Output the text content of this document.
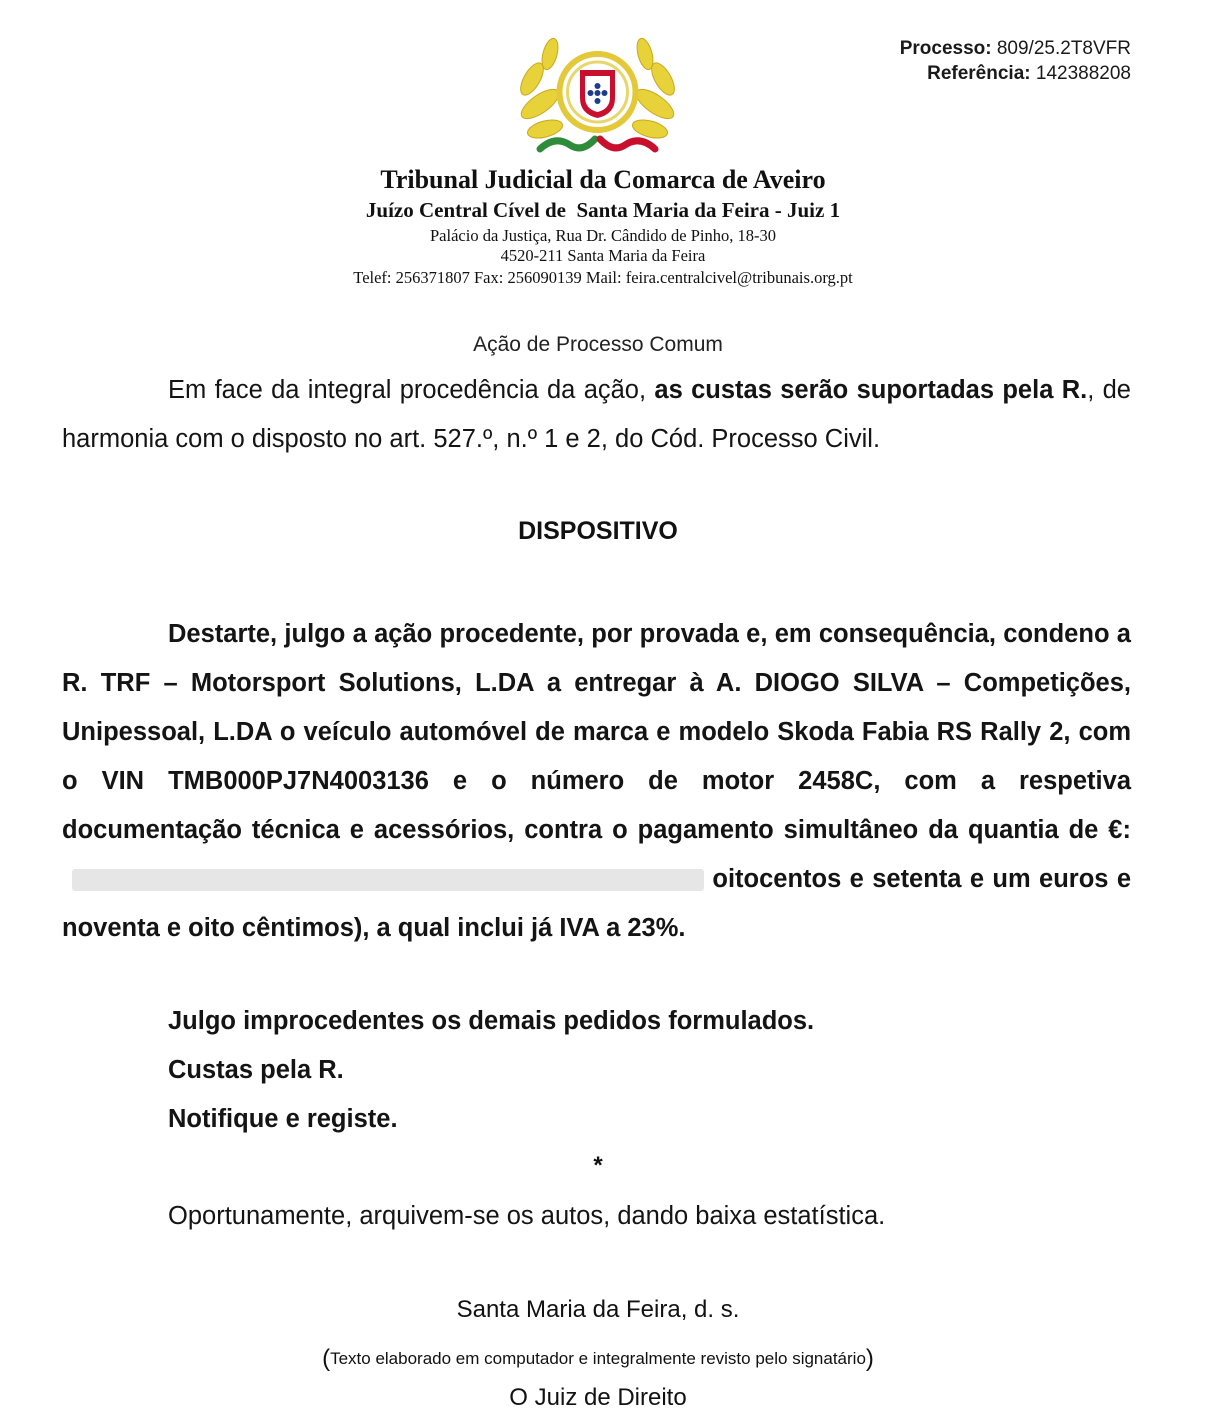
Processo: 809/25.2T8VFR
Referência: 142388208
Tribunal Judicial da Comarca de Aveiro
Juízo Central Cível de  Santa Maria da Feira - Juiz 1
Palácio da Justiça, Rua Dr. Cândido de Pinho, 18-30
4520-211 Santa Maria da Feira
Telef: 256371807 Fax: 256090139 Mail: feira.centralcivel@tribunais.org.pt
Ação de Processo Comum
Em face da integral procedência da ação, as custas serão suportadas pela R., de harmonia com o disposto no art. 527.º, n.º 1 e 2, do Cód. Processo Civil.
DISPOSITIVO
Destarte, julgo a ação procedente, por provada e, em consequência, condeno a R. TRF – Motorsport Solutions, L.DA a entregar à A. DIOGO SILVA – Competições, Unipessoal, L.DA o veículo automóvel de marca e modelo Skoda Fabia RS Rally 2, com o VIN TMB000PJ7N4003136 e o número de motor 2458C, com a respetiva documentação técnica e acessórios, contra o pagamento simultâneo da quantia de €: oitocentos e setenta e um euros e noventa e oito cêntimos), a qual inclui já IVA a 23%.
Julgo improcedentes os demais pedidos formulados.
Custas pela R.
Notifique e registe.
*
Oportunamente, arquivem-se os autos, dando baixa estatística.
Santa Maria da Feira, d. s.
(Texto elaborado em computador e integralmente revisto pelo signatário)
O Juiz de Direito
